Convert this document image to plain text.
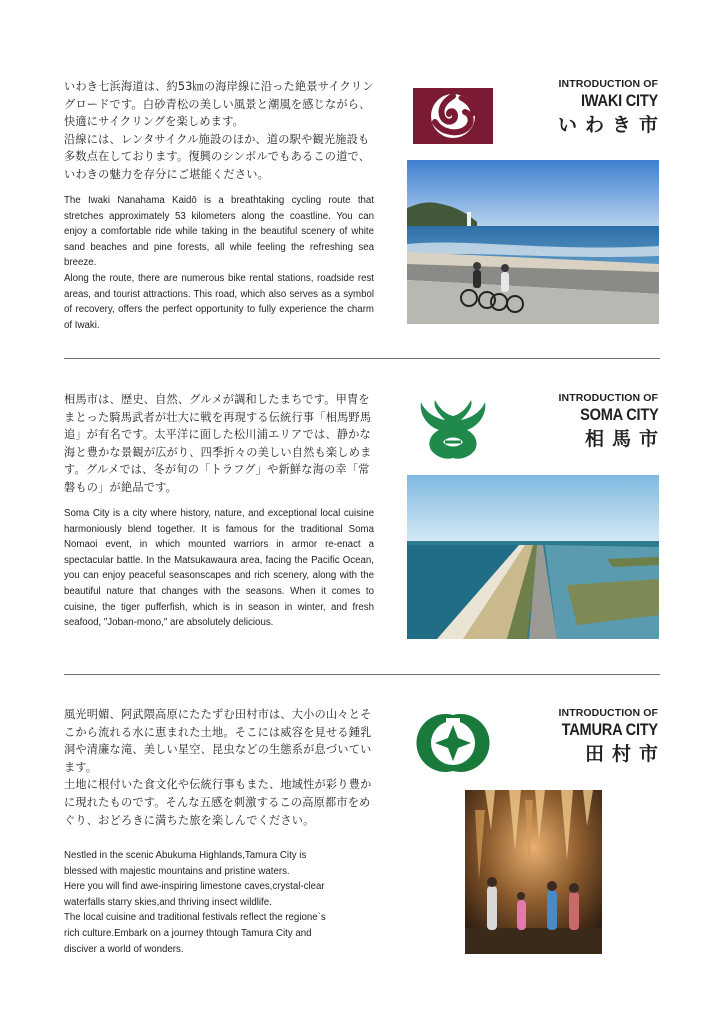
いわき七浜海道は、約53㎞の海岸線に沿った絶景サイクリン

グロードです。白砂青松の美しい風景と潮風を感じながら、

快適にサイクリングを楽しめます。

沿線には、レンタサイクル施設のほか、道の駅や観光施設も

多数点在しております。復興のシンボルでもあるこの道で、

いわきの魅力を存分にご堪能ください。

The Iwaki Nanahama Kaidō is a breathtaking cycling route that stretches approximately 53 kilometers along the coastline. You can enjoy a comfortable ride while taking in the beautiful scenery of white sand beaches and pine forests, all while feeling the refreshing sea breeze.

Along the route, there are numerous bike rental stations, roadside rest areas, and tourist attractions. This road, which also serves as a symbol of recovery, offers the perfect opportunity to fully experience the charm of Iwaki.

INTRODUCTION OF
IWAKI CITY
いわき市

相馬市は、歴史、自然、グルメが調和したまちです。甲冑を

まとった騎馬武者が壮大に戦を再現する伝統行事「相馬野馬

追」が有名です。太平洋に面した松川浦エリアでは、静かな

海と豊かな景観が広がり、四季折々の美しい自然も楽しめま

す。グルメでは、冬が旬の「トラフグ」や新鮮な海の幸「常

磐もの」が絶品です。

Soma City is a city where history, nature, and exceptional local cuisine harmoniously blend together. It is famous for the traditional Soma Nomaoi event, in which mounted warriors in armor re-enact a spectacular battle. In the Matsukawaura area, facing the Pacific Ocean, you can enjoy peaceful seasonscapes and rich scenery, along with the beautiful nature that changes with the seasons. When it comes to cuisine, the tiger pufferfish, which is in season in winter, and fresh seafood, "Joban-mono," are absolutely delicious.

INTRODUCTION OF
SOMA CITY
相馬市

風光明媚、阿武隈高原にたたずむ田村市は、大小の山々とそ

こから流れる水に恵まれた土地。そこには威容を見せる鍾乳

洞や清廉な滝、美しい星空、昆虫などの生態系が息づいてい

ます。

土地に根付いた食文化や伝統行事もまた、地域性が彩り豊か

に現れたものです。そんな五感を刺激するこの高原都市をめ

ぐり、おどろきに満ちた旅を楽しんでください。

Nestled in the scenic Abukuma Highlands,Tamura City is

blessed with majestic mountains and pristine waters.

Here you will find awe-inspiring limestone caves,crystal-clear

waterfalls starry skies,and thriving insect wildlife.

The local cuisine and traditional festivals reflect the regione`s

rich culture.Embark on a journey thtough Tamura City and

disciver a world of wonders.

INTRODUCTION OF
TAMURA CITY
田村市
